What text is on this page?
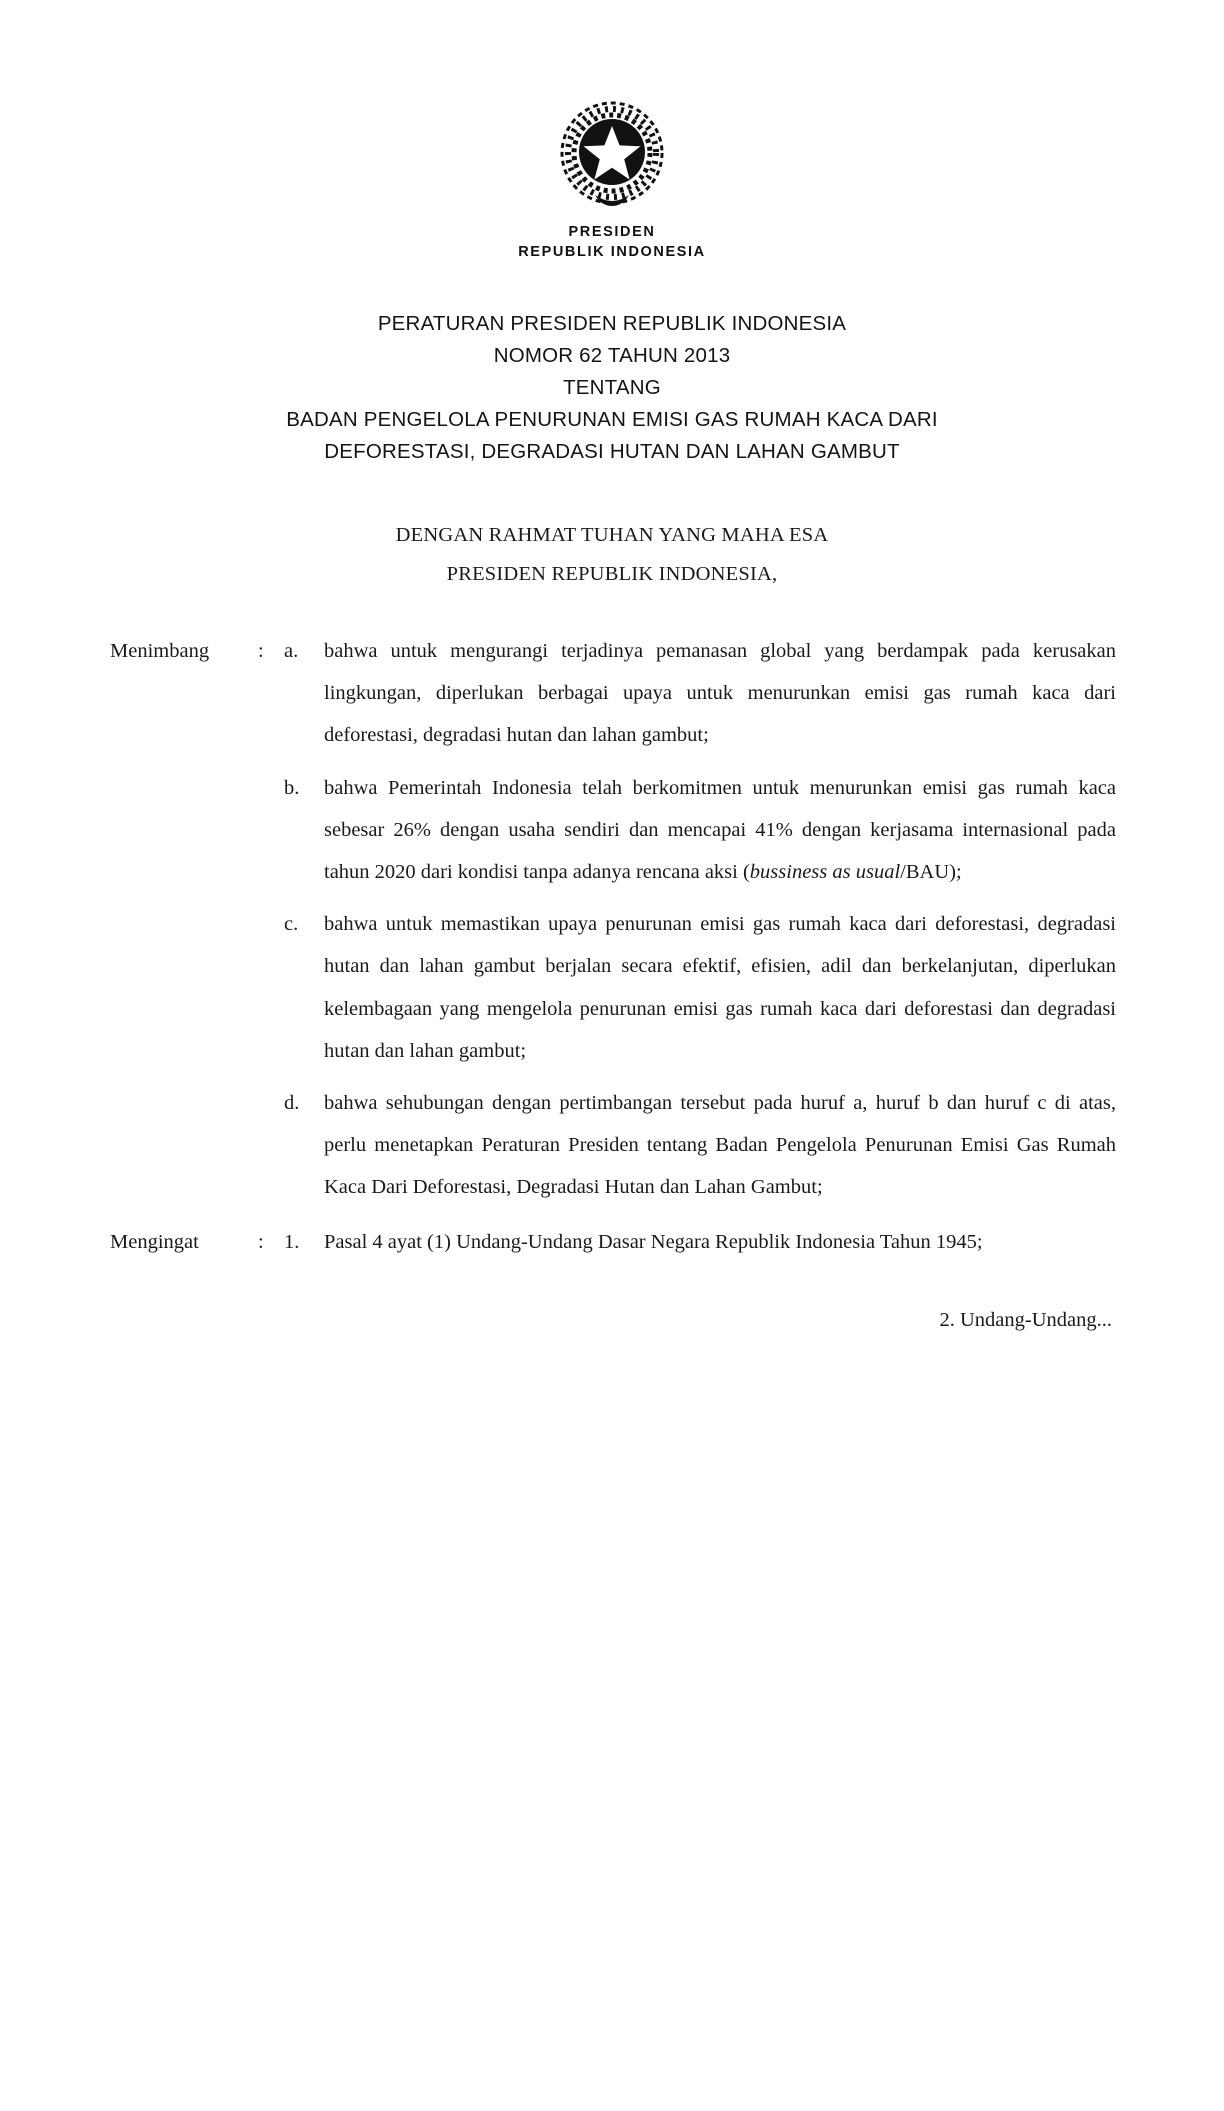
PRESIDEN
REPUBLIK INDONESIA
PERATURAN PRESIDEN REPUBLIK INDONESIA
NOMOR 62 TAHUN 2013
TENTANG
BADAN PENGELOLA PENURUNAN EMISI GAS RUMAH KACA DARI
DEFORESTASI, DEGRADASI HUTAN DAN LAHAN GAMBUT
DENGAN RAHMAT TUHAN YANG MAHA ESA
PRESIDEN REPUBLIK INDONESIA,
Menimbang	: a.	bahwa untuk mengurangi terjadinya pemanasan global yang berdampak pada kerusakan lingkungan, diperlukan berbagai upaya untuk menurunkan emisi gas rumah kaca dari deforestasi, degradasi hutan dan lahan gambut;
b.	bahwa Pemerintah Indonesia telah berkomitmen untuk menurunkan emisi gas rumah kaca sebesar 26% dengan usaha sendiri dan mencapai 41% dengan kerjasama internasional pada tahun 2020 dari kondisi tanpa adanya rencana aksi (bussiness as usual/BAU);
c.	bahwa untuk memastikan upaya penurunan emisi gas rumah kaca dari deforestasi, degradasi hutan dan lahan gambut berjalan secara efektif, efisien, adil dan berkelanjutan, diperlukan kelembagaan yang mengelola penurunan emisi gas rumah kaca dari deforestasi dan degradasi hutan dan lahan gambut;
d.	bahwa sehubungan dengan pertimbangan tersebut pada huruf a, huruf b dan huruf c di atas, perlu menetapkan Peraturan Presiden tentang Badan Pengelola Penurunan Emisi Gas Rumah Kaca Dari Deforestasi, Degradasi Hutan dan Lahan Gambut;
Mengingat	: 1.	Pasal 4 ayat (1) Undang-Undang Dasar Negara Republik Indonesia Tahun 1945;
2. Undang-Undang...
